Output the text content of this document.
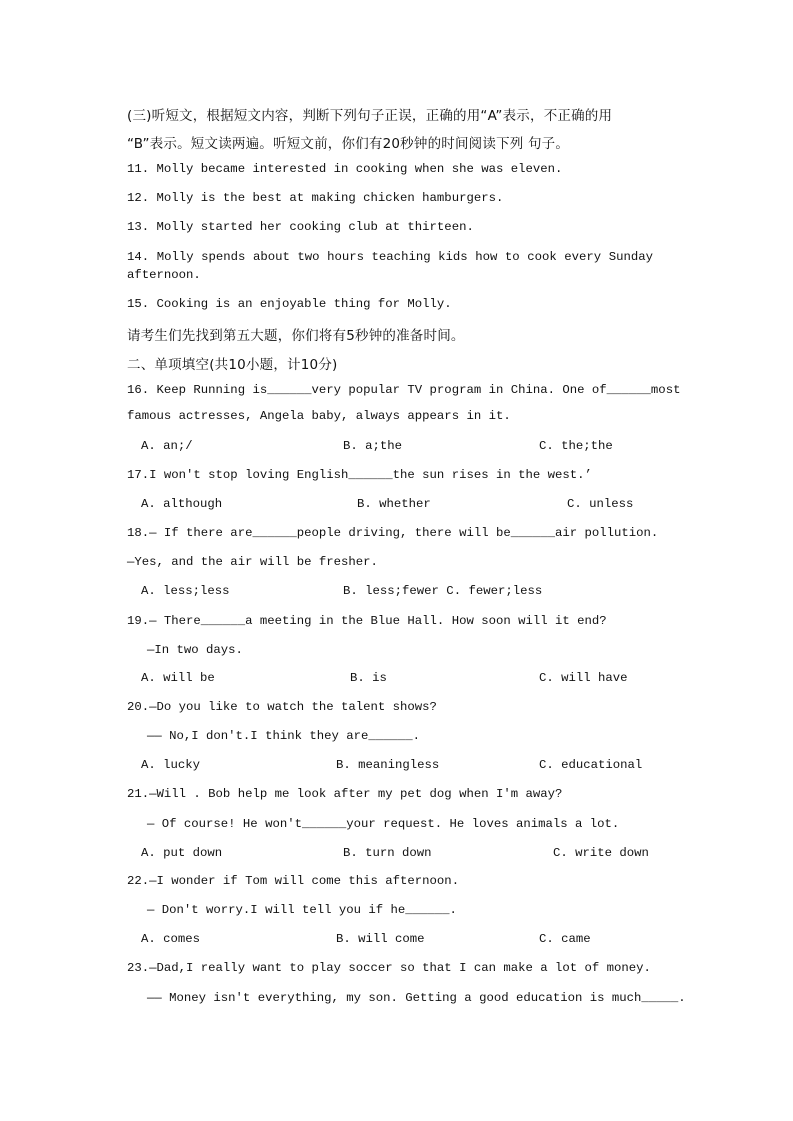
(三)听短文，根据短文内容，判断下列句子正误，正确的用“A”表示，不正确的用
“B”表示。短文读两遍。听短文前，你们有20秒钟的时间阅读下列 句子。
11. Molly became interested in cooking when she was eleven.
12. Molly is the best at making chicken hamburgers.
13. Molly started her cooking club at thirteen.
14. Molly spends about two hours teaching kids how to cook every Sunday
afternoon.
15. Cooking is an enjoyable thing for Molly.
请考生们先找到第五大题，你们将有5秒钟的准备时间。
二、单项填空(共10小题，计10分)
16. Keep Running is______very popular TV program in China. One of______most
famous actresses, Angela baby, always appears in it.
A. an;/	B. a;the	C. the;the
17.I won't stop loving English______the sun rises in the west.’
A. although	B. whether	C. unless
18.— If there are______people driving, there will be______air pollution.
—Yes, and the air will be fresher.
A. less;less	B. less;fewer C. fewer;less
19.— There______a meeting in the Blue Hall. How soon will it end?
—In two days.
A. will be	B. is	C. will have
20.—Do you like to watch the talent shows?
—— No,I don't.I think they are______.
A. lucky	B. meaningless	C. educational
21.—Will . Bob help me look after my pet dog when I'm away?
— Of course! He won't______your request. He loves animals a lot.
A. put down	B. turn down	C. write down
22.—I wonder if Tom will come this afternoon.
— Don't worry.I will tell you if he______.
A. comes	B. will come	C. came
23.—Dad,I really want to play soccer so that I can make a lot of money.
—— Money isn't everything, my son. Getting a good education is much_____.
